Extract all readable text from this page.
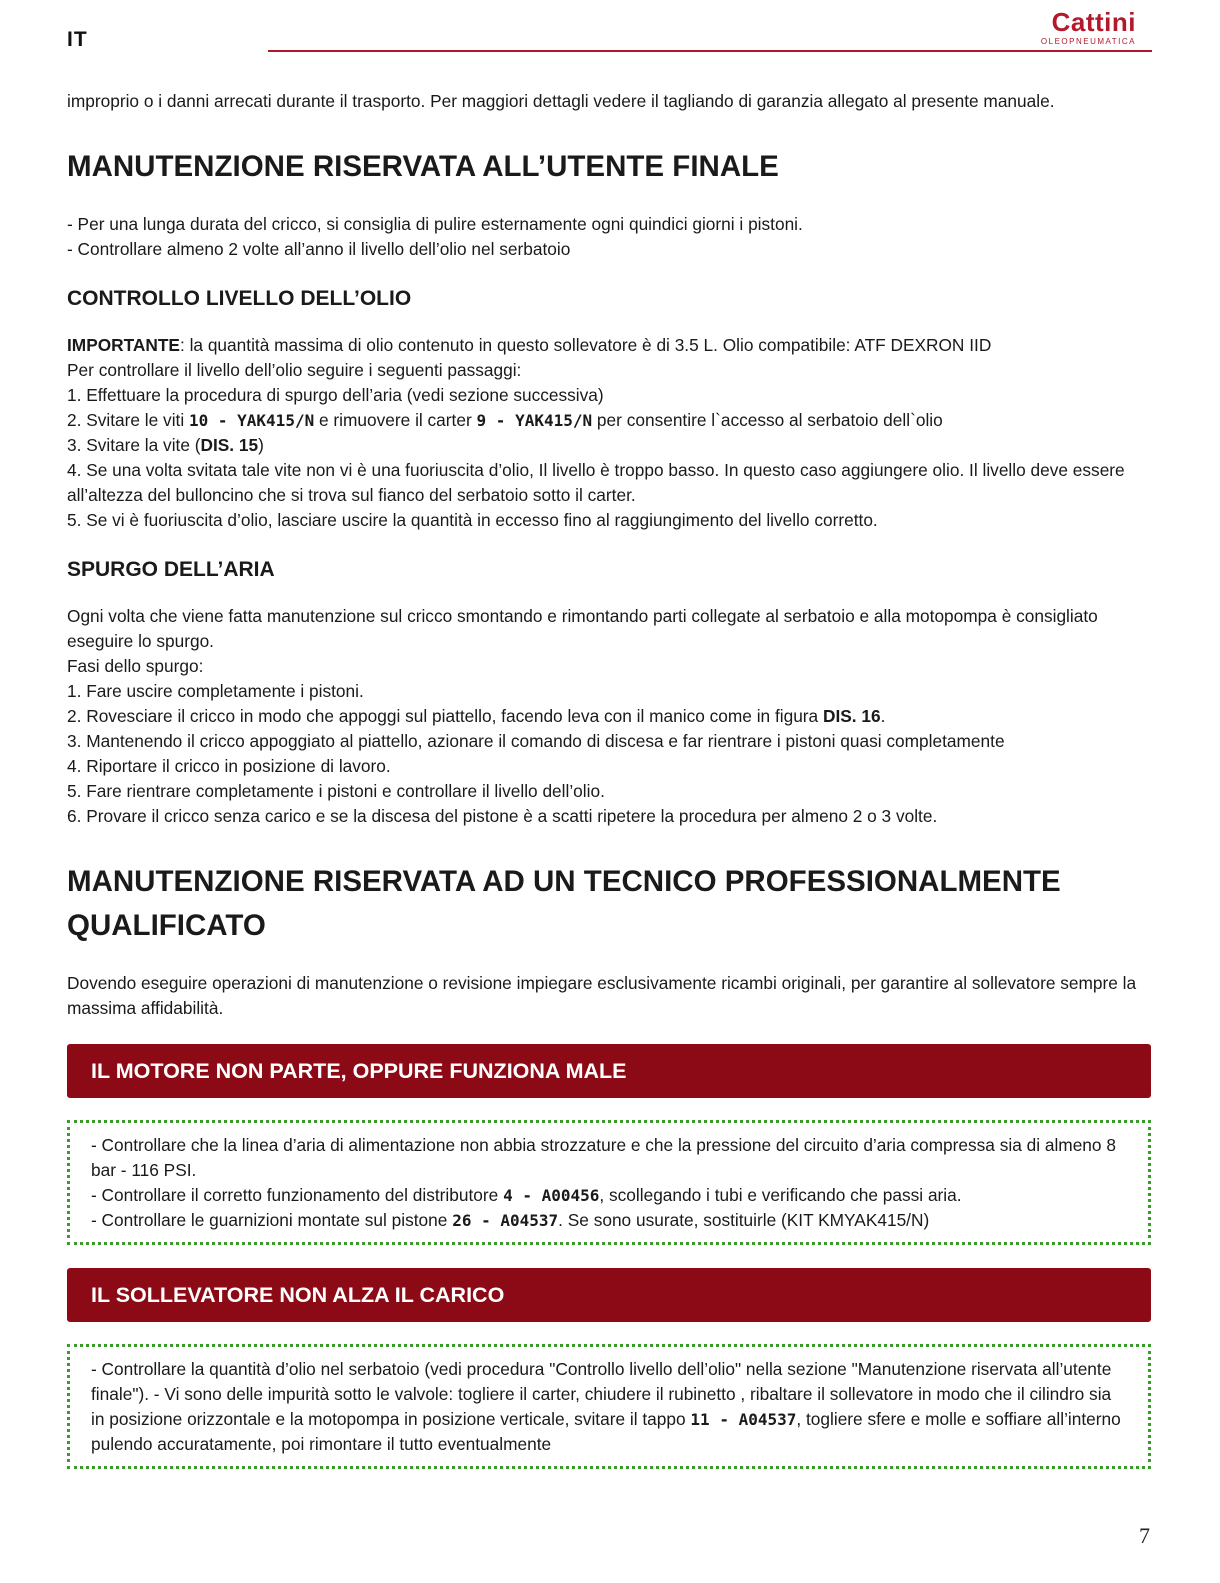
IT
Cattini
OLEOPNEUMATICA

improprio o i danni arrecati durante il trasporto. Per maggiori dettagli vedere il tagliando di garanzia allegato al presente manuale.

MANUTENZIONE RISERVATA ALL’UTENTE FINALE

- Per una lunga durata del cricco, si consiglia di pulire esternamente ogni quindici giorni i pistoni.

- Controllare almeno 2 volte all’anno il livello dell’olio nel serbatoio

CONTROLLO LIVELLO DELL’OLIO

IMPORTANTE: la quantità massima di olio contenuto in questo sollevatore è di 3.5 L. Olio compatibile: ATF DEXRON IID

Per controllare il livello dell’olio seguire i seguenti passaggi:

1. Effettuare la procedura di spurgo dell’aria (vedi sezione successiva)

2. Svitare le viti 10 - YAK415/N e rimuovere il carter 9 - YAK415/N per consentire l`accesso al serbatoio dell`olio

3. Svitare la vite (DIS. 15)

4. Se una volta svitata tale vite non vi è una fuoriuscita d’olio, Il livello è troppo basso. In questo caso aggiungere olio. Il livello deve essere all’altezza del bulloncino che si trova sul fianco del serbatoio sotto il carter.

5. Se vi è fuoriuscita d’olio, lasciare uscire la quantità in eccesso fino al raggiungimento del livello corretto.

SPURGO DELL’ARIA

Ogni volta che viene fatta manutenzione sul cricco smontando e rimontando parti collegate al serbatoio e alla motopompa è consigliato eseguire lo spurgo.

Fasi dello spurgo:

1. Fare uscire completamente i pistoni.

2. Rovesciare il cricco in modo che appoggi sul piattello, facendo leva con il manico come in figura DIS. 16.

3. Mantenendo il cricco appoggiato al piattello, azionare il comando di discesa e far rientrare i pistoni quasi completamente

4. Riportare il cricco in posizione di lavoro.

5. Fare rientrare completamente i pistoni e controllare il livello dell’olio.

6. Provare il cricco senza carico e se la discesa del pistone è a scatti ripetere la procedura per almeno 2 o 3 volte.

MANUTENZIONE RISERVATA AD UN TECNICO PROFESSIONALMENTE QUALIFICATO

Dovendo eseguire operazioni di manutenzione o revisione impiegare esclusivamente ricambi originali, per garantire al sollevatore sempre la massima affidabilità.

IL MOTORE NON PARTE, OPPURE FUNZIONA MALE

- Controllare che la linea d’aria di alimentazione non abbia strozzature e che la pressione del circuito d’aria compressa sia di almeno 8 bar - 116 PSI.

- Controllare il corretto funzionamento del distributore 4 - A00456, scollegando i tubi e verificando che passi aria.

- Controllare le guarnizioni montate sul pistone 26 - A04537. Se sono usurate, sostituirle (KIT KMYAK415/N)

IL SOLLEVATORE NON ALZA IL CARICO

- Controllare la quantità d’olio nel serbatoio (vedi procedura "Controllo livello dell’olio" nella sezione "Manutenzione riservata all’utente finale"). - Vi sono delle impurità sotto le valvole: togliere il carter, chiudere il rubinetto , ribaltare il sollevatore in modo che il cilindro sia in posizione orizzontale e la motopompa in posizione verticale, svitare il tappo 11 - A04537, togliere sfere e molle e soffiare all’interno pulendo accuratamente, poi rimontare il tutto eventualmente

7
